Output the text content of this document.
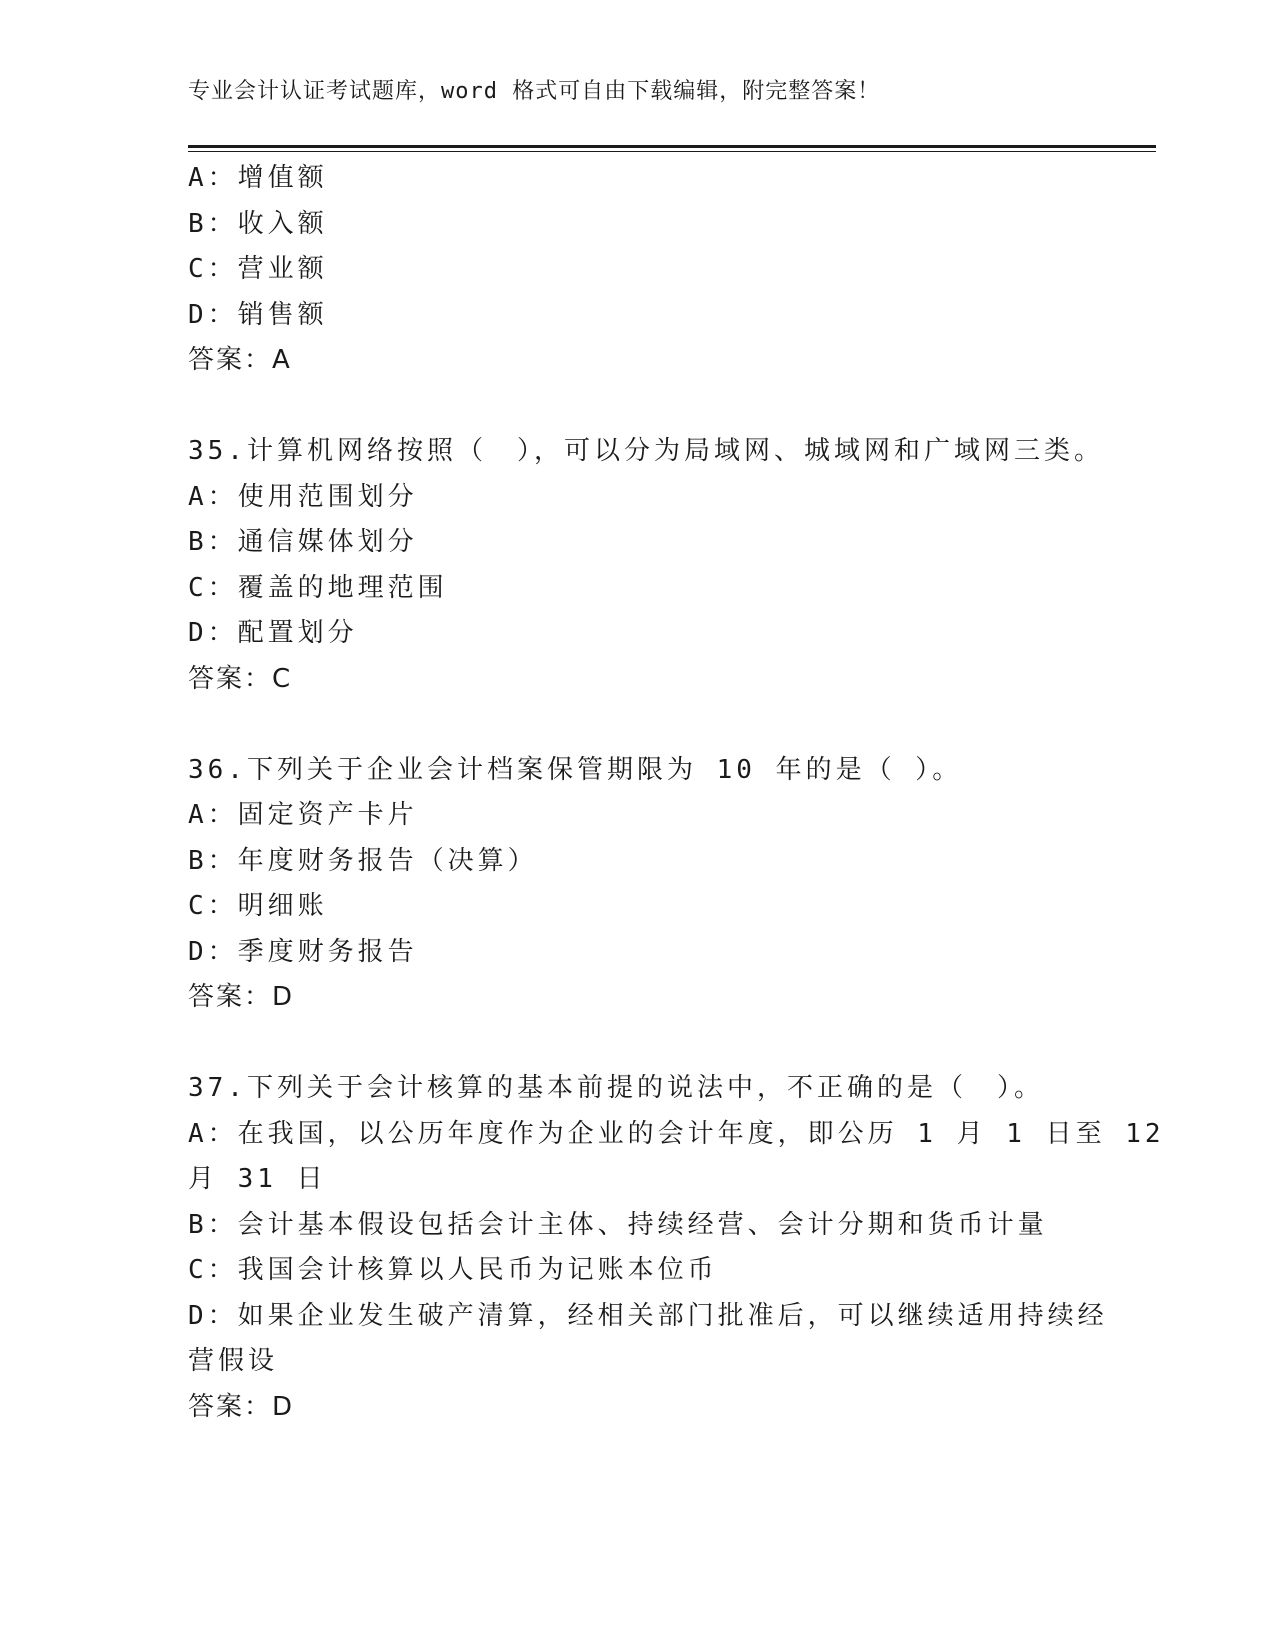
专业会计认证考试题库，word 格式可自由下载编辑，附完整答案！
A：增值额
B：收入额
C：营业额
D：销售额
答案：A
35.计算机网络按照（　），可以分为局域网、城域网和广域网三类。
A：使用范围划分
B：通信媒体划分
C：覆盖的地理范围
D：配置划分
答案：C
36.下列关于企业会计档案保管期限为 10 年的是（ ）。
A：固定资产卡片
B：年度财务报告（决算）
C：明细账
D：季度财务报告
答案：D
37.下列关于会计核算的基本前提的说法中，不正确的是（　）。
A：在我国，以公历年度作为企业的会计年度，即公历 1 月 1 日至 12
月 31 日
B：会计基本假设包括会计主体、持续经营、会计分期和货币计量
C：我国会计核算以人民币为记账本位币
D：如果企业发生破产清算，经相关部门批准后，可以继续适用持续经
营假设
答案：D
